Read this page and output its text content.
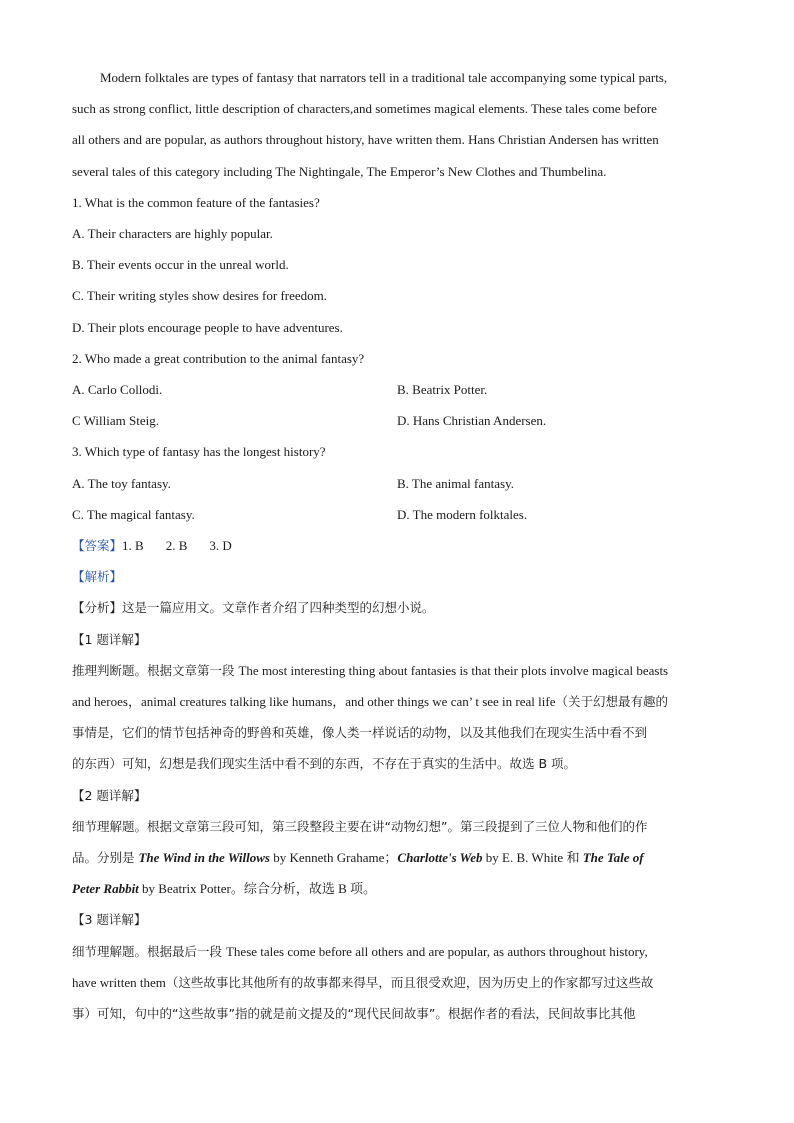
Modern folktales are types of fantasy that narrators tell in a traditional tale accompanying some typical parts,

such as strong conflict, little description of characters,and sometimes magical elements. These tales come before

all others and are popular, as authors throughout history, have written them. Hans Christian Andersen has written

several tales of this category including The Nightingale, The Emperor’s New Clothes and Thumbelina.

1. What is the common feature of the fantasies?

A. Their characters are highly popular.

B. Their events occur in the unreal world.

C. Their writing styles show desires for freedom.

D. Their plots encourage people to have adventures.

2. Who made a great contribution to the animal fantasy?

A. Carlo Collodi.	B. Beatrix Potter.
C William Steig.	D. Hans Christian Andersen.

3. Which type of fantasy has the longest history?

A. The toy fantasy.	B. The animal fantasy.
C. The magical fantasy.	D. The modern folktales.

【答案】1. B 2. B 3. D

【解析】

【分析】这是一篇应用文。文章作者介绍了四种类型的幻想小说。

【1 题详解】

推理判断题。根据文章第一段 The most interesting thing about fantasies is that their plots involve magical beasts

and heroes，animal creatures talking like humans，and other things we can’ t see in real life（关于幻想最有趣的

事情是，它们的情节包括神奇的野兽和英雄，像人类一样说话的动物，以及其他我们在现实生活中看不到

的东西）可知，幻想是我们现实生活中看不到的东西，不存在于真实的生活中。故选 B 项。

【2 题详解】

细节理解题。根据文章第三段可知，第三段整段主要在讲“动物幻想”。第三段提到了三位人物和他们的作

品。分别是 The Wind in the Willows by Kenneth Grahame；Charlotte's Web by E. B. White 和 The Tale of

Peter Rabbit by Beatrix Potter。综合分析，故选 B 项。

【3 题详解】

细节理解题。根据最后一段 These tales come before all others and are popular, as authors throughout history,

have written them（这些故事比其他所有的故事都来得早，而且很受欢迎，因为历史上的作家都写过这些故

事）可知，句中的“这些故事”指的就是前文提及的“现代民间故事”。根据作者的看法，民间故事比其他
